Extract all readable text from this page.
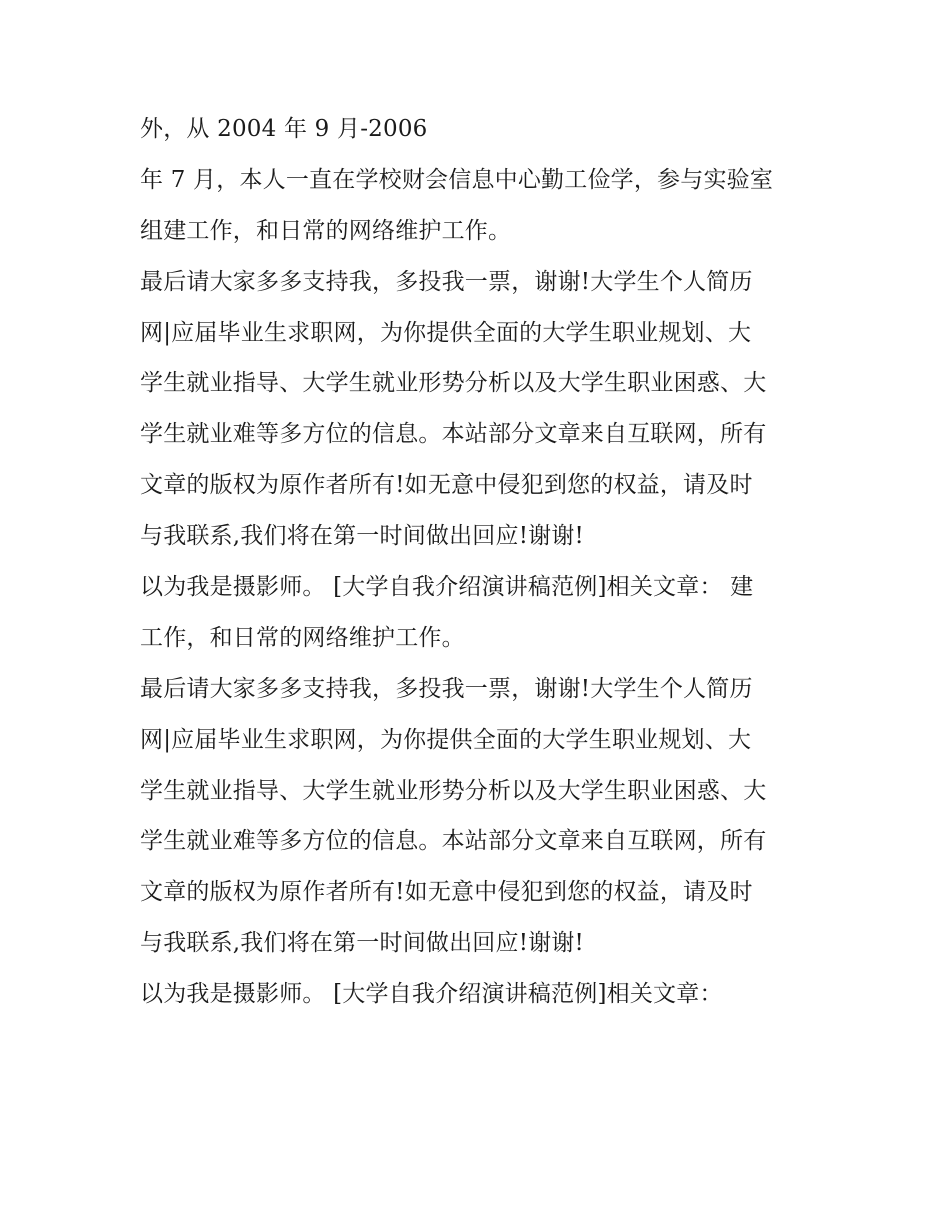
外，从 2004 年 9 月-2006
年 7 月，本人一直在学校财会信息中心勤工俭学，参与实验室
组建工作，和日常的网络维护工作。
最后请大家多多支持我，多投我一票，谢谢!大学生个人简历
网|应届毕业生求职网，为你提供全面的大学生职业规划、大
学生就业指导、大学生就业形势分析以及大学生职业困惑、大
学生就业难等多方位的信息。本站部分文章来自互联网，所有
文章的版权为原作者所有!如无意中侵犯到您的权益，请及时
与我联系,我们将在第一时间做出回应!谢谢!
以为我是摄影师。 [大学自我介绍演讲稿范例]相关文章： 建
工作，和日常的网络维护工作。
最后请大家多多支持我，多投我一票，谢谢!大学生个人简历
网|应届毕业生求职网，为你提供全面的大学生职业规划、大
学生就业指导、大学生就业形势分析以及大学生职业困惑、大
学生就业难等多方位的信息。本站部分文章来自互联网，所有
文章的版权为原作者所有!如无意中侵犯到您的权益，请及时
与我联系,我们将在第一时间做出回应!谢谢!
以为我是摄影师。 [大学自我介绍演讲稿范例]相关文章：
